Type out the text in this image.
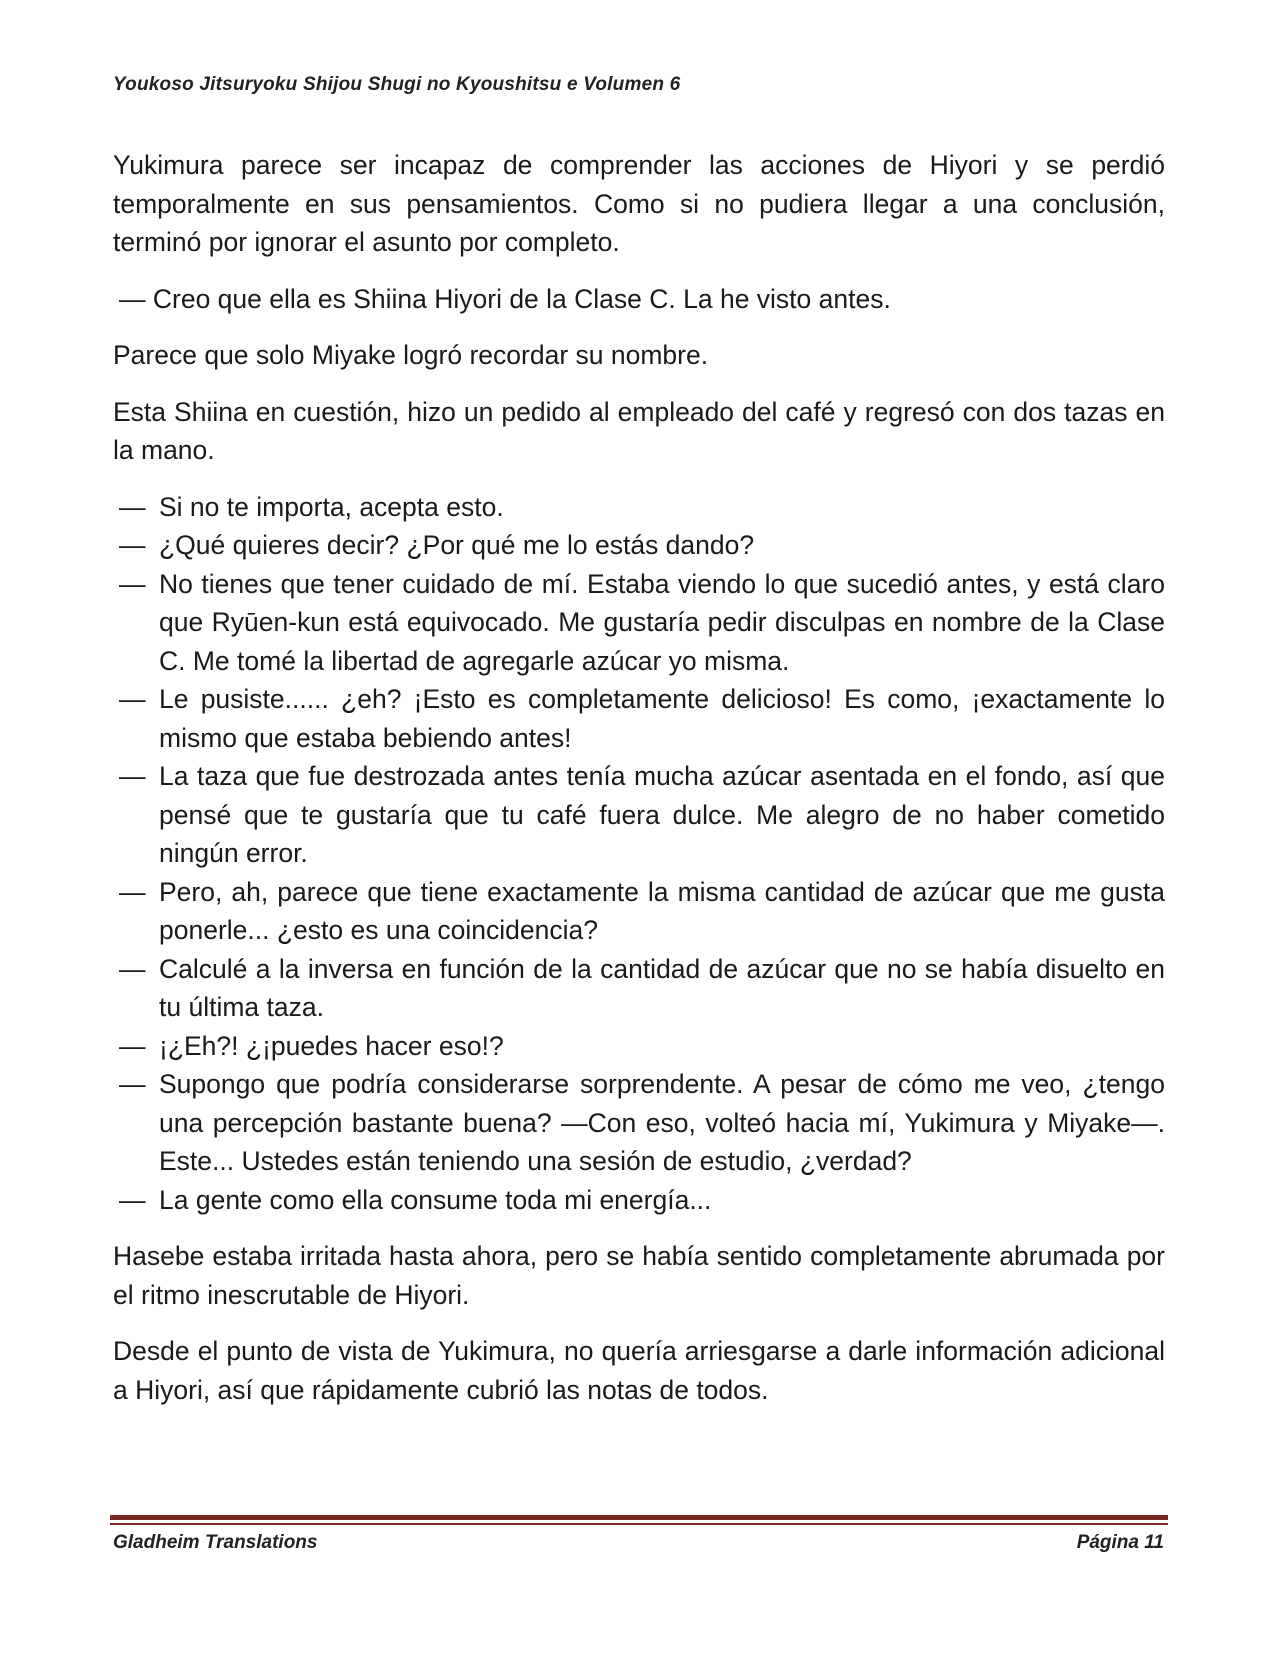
Youkoso Jitsuryoku Shijou Shugi no Kyoushitsu e Volumen 6

Yukimura parece ser incapaz de comprender las acciones de Hiyori y se perdió temporalmente en sus pensamientos. Como si no pudiera llegar a una conclusión, terminó por ignorar el asunto por completo.

— Creo que ella es Shiina Hiyori de la Clase C. La he visto antes.

Parece que solo Miyake logró recordar su nombre.

Esta Shiina en cuestión, hizo un pedido al empleado del café y regresó con dos tazas en la mano.

— Si no te importa, acepta esto.
— ¿Qué quieres decir? ¿Por qué me lo estás dando?
— No tienes que tener cuidado de mí. Estaba viendo lo que sucedió antes, y está claro que Ryūen-kun está equivocado. Me gustaría pedir disculpas en nombre de la Clase C. Me tomé la libertad de agregarle azúcar yo misma.
— Le pusiste...... ¿eh? ¡Esto es completamente delicioso! Es como, ¡exactamente lo mismo que estaba bebiendo antes!
— La taza que fue destrozada antes tenía mucha azúcar asentada en el fondo, así que pensé que te gustaría que tu café fuera dulce. Me alegro de no haber cometido ningún error.
— Pero, ah, parece que tiene exactamente la misma cantidad de azúcar que me gusta ponerle... ¿esto es una coincidencia?
— Calculé a la inversa en función de la cantidad de azúcar que no se había disuelto en tu última taza.
— ¡¿Eh?! ¿¡puedes hacer eso!?
— Supongo que podría considerarse sorprendente. A pesar de cómo me veo, ¿tengo una percepción bastante buena? —Con eso, volteó hacia mí, Yukimura y Miyake—. Este... Ustedes están teniendo una sesión de estudio, ¿verdad?
— La gente como ella consume toda mi energía...

Hasebe estaba irritada hasta ahora, pero se había sentido completamente abrumada por el ritmo inescrutable de Hiyori.

Desde el punto de vista de Yukimura, no quería arriesgarse a darle información adicional a Hiyori, así que rápidamente cubrió las notas de todos.

Gladheim Translations	Página 11
